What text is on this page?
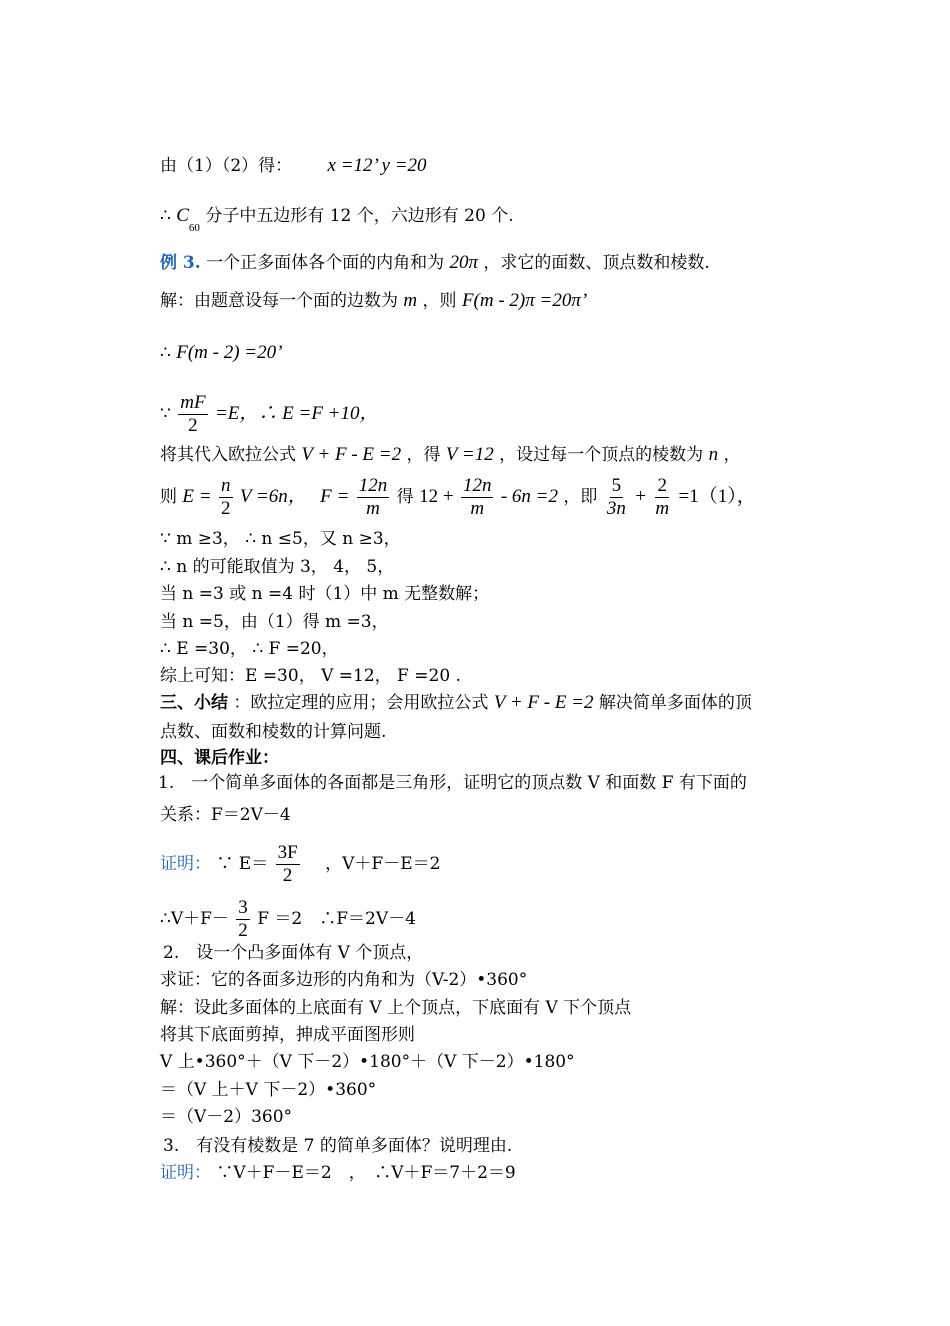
由（1）（2）得： x =12’ y =20
∴ $C_{60}$ 分子中五边形有 12 个，六边形有 20 个.
例 3. 一个正多面体各个面的内角和为 20π ，求它的面数、顶点数和棱数.
解：由题意设每一个面的边数为 m ，则 F(m - 2)π =20π’
∴ F(m - 2) =20’
∵ $\frac{mF}{2} =E$，∴ E =F +10，
将其代入欧拉公式 V + F - E =2 ，得 V =12 ，设过每一个顶点的棱数为 n ，
则 $E = \frac{n}{2}$ V =6n， $F = \frac{12n}{m}$ 得 $12 + \frac{12n}{m} - 6n =2$ ，即 $\frac{5}{3n} + \frac{2}{m} =1(1)$，
∵ m ≥3， ∴ n ≤5，又 n ≥3，
∴ n 的可能取值为 3， 4， 5，
当 n =3 或 n =4 时（1）中 m 无整数解；
当 n =5，由（1）得 m =3，
∴ E =30， ∴ F =20，
综上可知：E =30， V =12， F =20 .
三、小结 ：欧拉定理的应用；会用欧拉公式 V + F - E =2 解决简单多面体的顶
点数、面数和棱数的计算问题.
四、课后作业：
1.　一个简单多面体的各面都是三角形，证明它的顶点数 V 和面数 F 有下面的
关系：F＝2V－4
证明： ∵ $E= \frac{3F}{2}$ ，V＋F－E＝2
∴V＋F－ $\frac{3}{2}$ F ＝2　∴F＝2V－4
2.　设一个凸多面体有 V 个顶点，
求证：它的各面多边形的内角和为（V-2）•360°
解：设此多面体的上底面有 V 上个顶点，下底面有 V 下个顶点
将其下底面剪掉，抻成平面图形则
V 上•360°＋（V 下－2）•180°＋（V 下－2）•180°
＝（V 上＋V 下－2）•360°
＝（V－2）360°
3.　有没有棱数是 7 的简单多面体？说明理由.
证明： ∵V＋F－E＝2　，　∴V＋F＝7＋2＝9
